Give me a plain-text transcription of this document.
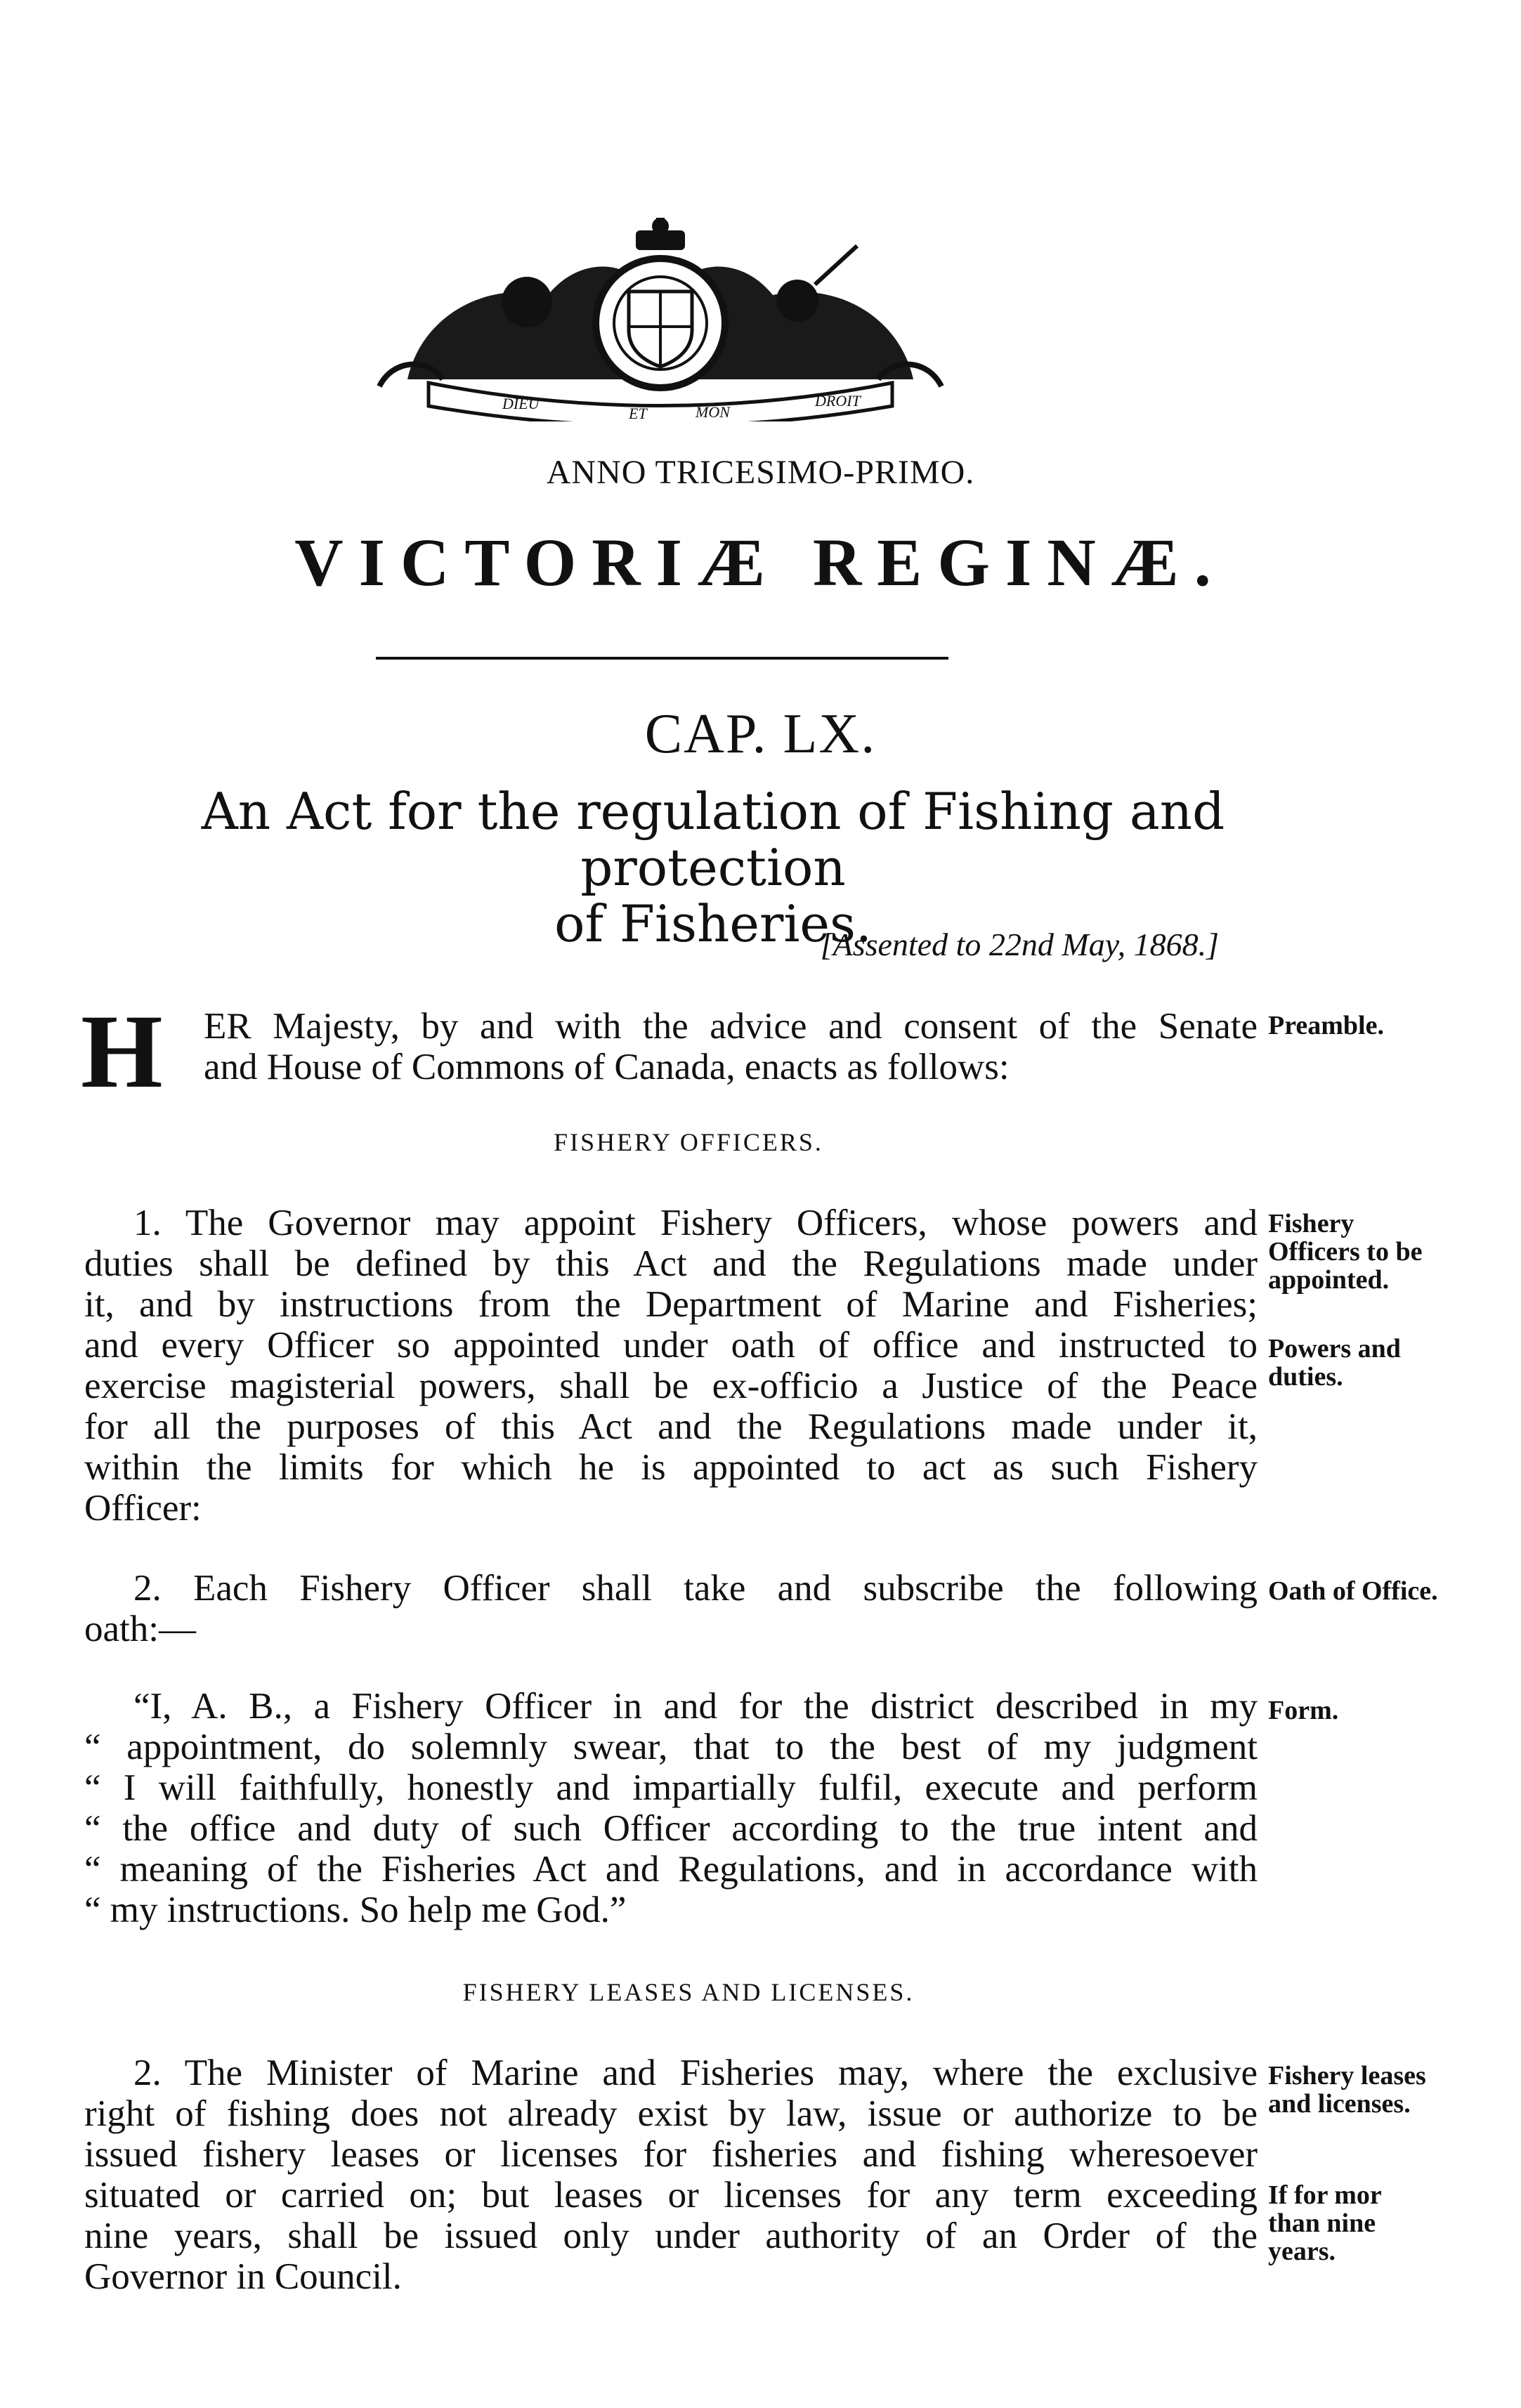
DIEU
ET	MON
DROIT
ANNO TRICESIMO-PRIMO.
VICTORIÆ REGINÆ.
CAP. LX.
An Act for the regulation of Fishing and protection
of Fisheries.
[Assented to 22nd May, 1868.]
H ER Majesty, by and with the advice and consent of the Senate
and House of Commons of Canada, enacts as follows:
Preamble.
FISHERY OFFICERS.
1. The Governor may appoint Fishery Officers, whose powers and
duties shall be defined by this Act and the Regulations made under
it, and by instructions from the Department of Marine and Fisheries;
and every Officer so appointed under oath of office and instructed to
exercise magisterial powers, shall be ex-officio a Justice of the Peace
for all the purposes of this Act and the Regulations made under it,
within the limits for which he is appointed to act as such Fishery
Officer:
Fishery
Officers to be
appointed.
Powers and
duties.
2. Each Fishery Officer shall take and subscribe the following
oath:—
Oath of Office.
“I, A. B., a Fishery Officer in and for the district described in my
“ appointment, do solemnly swear, that to the best of my judgment
“ I will faithfully, honestly and impartially fulfil, execute and perform
“ the office and duty of such Officer according to the true intent and
“ meaning of the Fisheries Act and Regulations, and in accordance with
“ my instructions. So help me God.”
Form.
FISHERY LEASES AND LICENSES.
2. The Minister of Marine and Fisheries may, where the exclusive
right of fishing does not already exist by law, issue or authorize to be
issued fishery leases or licenses for fisheries and fishing wheresoever
situated or carried on; but leases or licenses for any term exceeding
nine years, shall be issued only under authority of an Order of the
Governor in Council.
Fishery leases
and licenses.
If for mor
than nine
years.
